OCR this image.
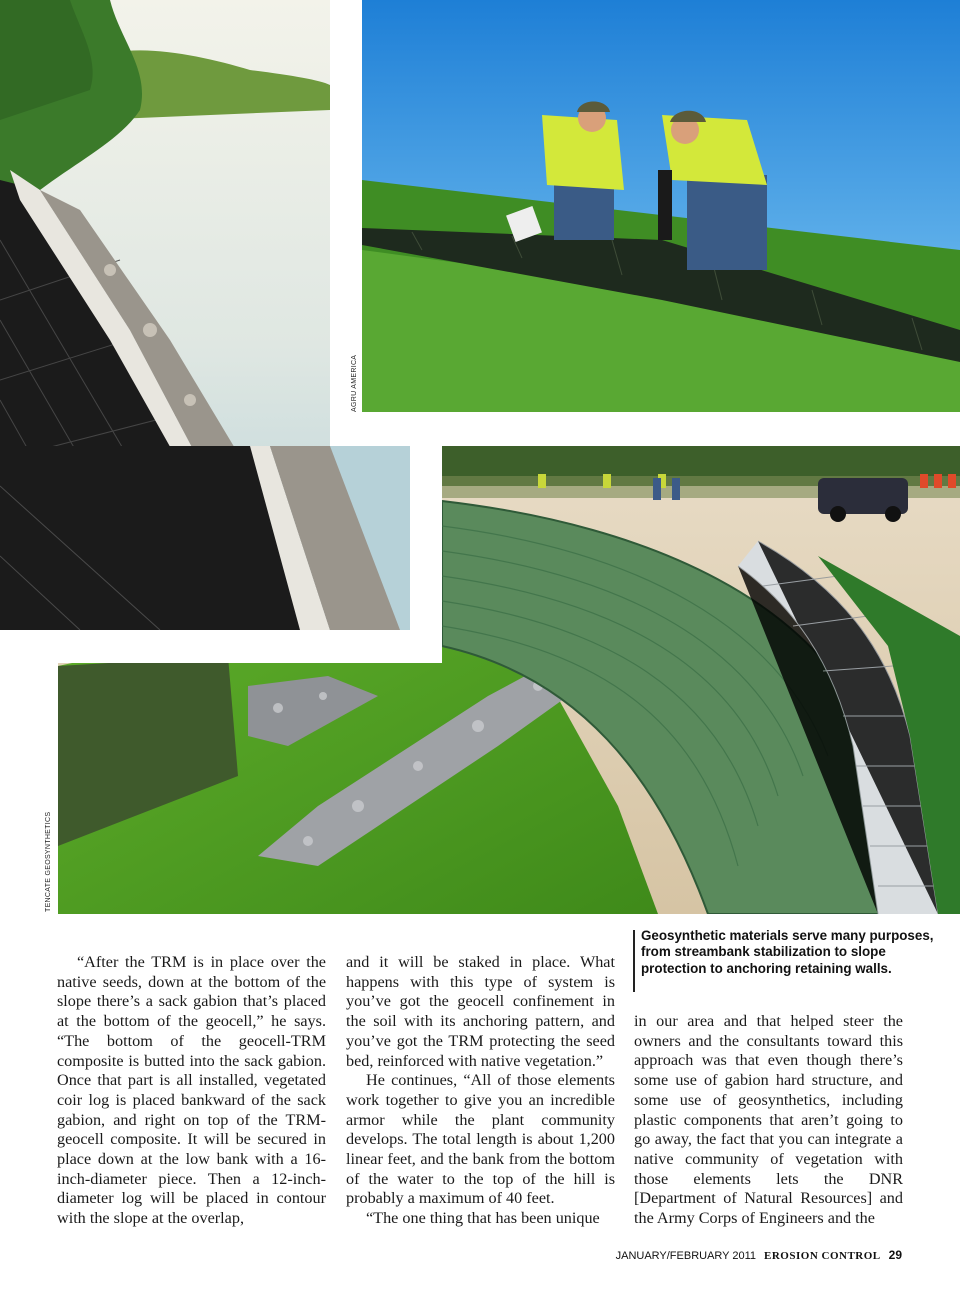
AGRU AMERICA
TENCATE GEOSYNTHETICS
Geosynthetic materials serve many purposes, from streambank stabilization to slope protection to anchoring retaining walls.

“After the TRM is in place over the native seeds, down at the bottom of the slope there’s a sack gabion that’s placed at the bottom of the geocell,” he says. “The bottom of the geocell-TRM composite is butted into the sack gabion. Once that part is all installed, vegetated coir log is placed bankward of the sack gabion, and right on top of the TRM-geocell composite. It will be secured in place down at the low bank with a 16-inch-diameter piece. Then a 12-inch-diameter log will be placed in contour with the slope at the overlap,

and it will be staked in place. What happens with this type of system is you’ve got the geocell confinement in the soil with its anchoring pattern, and you’ve got the TRM protecting the seed bed, reinforced with native vegetation.”

He continues, “All of those elements work together to give you an incredible armor while the plant community develops. The total length is about 1,200 linear feet, and the bank from the bottom of the water to the top of the hill is probably a maximum of 40 feet.

“The one thing that has been unique

in our area and that helped steer the owners and the consultants toward this approach was that even though there’s some use of gabion hard structure, and some use of geosynthetics, including plastic components that aren’t going to go away, the fact that you can integrate a native community of vegetation with those elements lets the DNR [Department of Natural Resources] and the Army Corps of Engineers and the

JANUARY/FEBRUARY 2011 EROSION CONTROL 29
